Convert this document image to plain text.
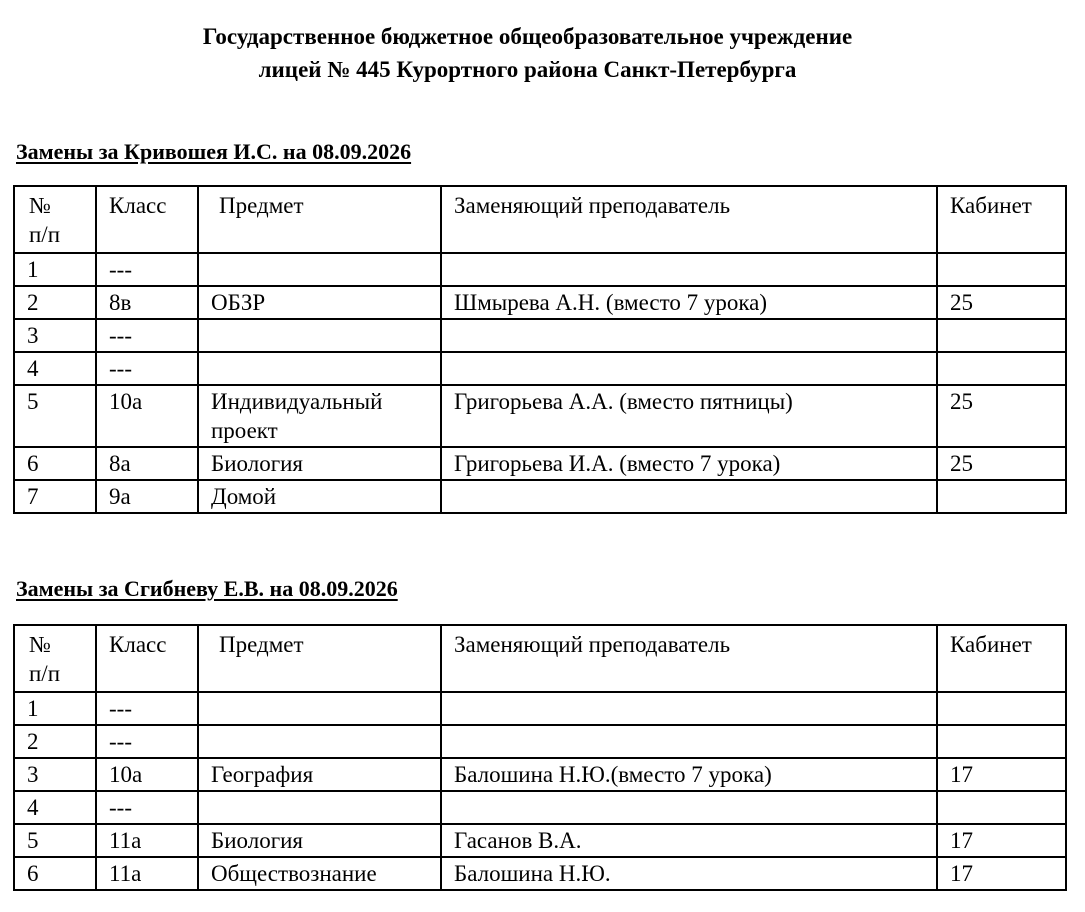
Государственное бюджетное общеобразовательное учреждение
лицей № 445 Курортного района Санкт-Петербурга
Замены за Кривошея И.С. на 08.09.2026
№
п/п	Класс	Предмет	Заменяющий преподаватель	Кабинет
1	---			
2	8в	ОБЗР	Шмырева А.Н. (вместо 7 урока)	25
3	---			
4	---			
5	10а	Индивидуальный проект	Григорьева А.А. (вместо пятницы)	25
6	8а	Биология	Григорьева И.А. (вместо 7 урока)	25
7	9а	Домой		
Замены за Сгибневу Е.В. на 08.09.2026
№
п/п	Класс	Предмет	Заменяющий преподаватель	Кабинет
1	---			
2	---			
3	10а	География	Балошина Н.Ю.(вместо 7 урока)	17
4	---			
5	11а	Биология	Гасанов В.А.	17
6	11а	Обществознание	Балошина Н.Ю.	17
